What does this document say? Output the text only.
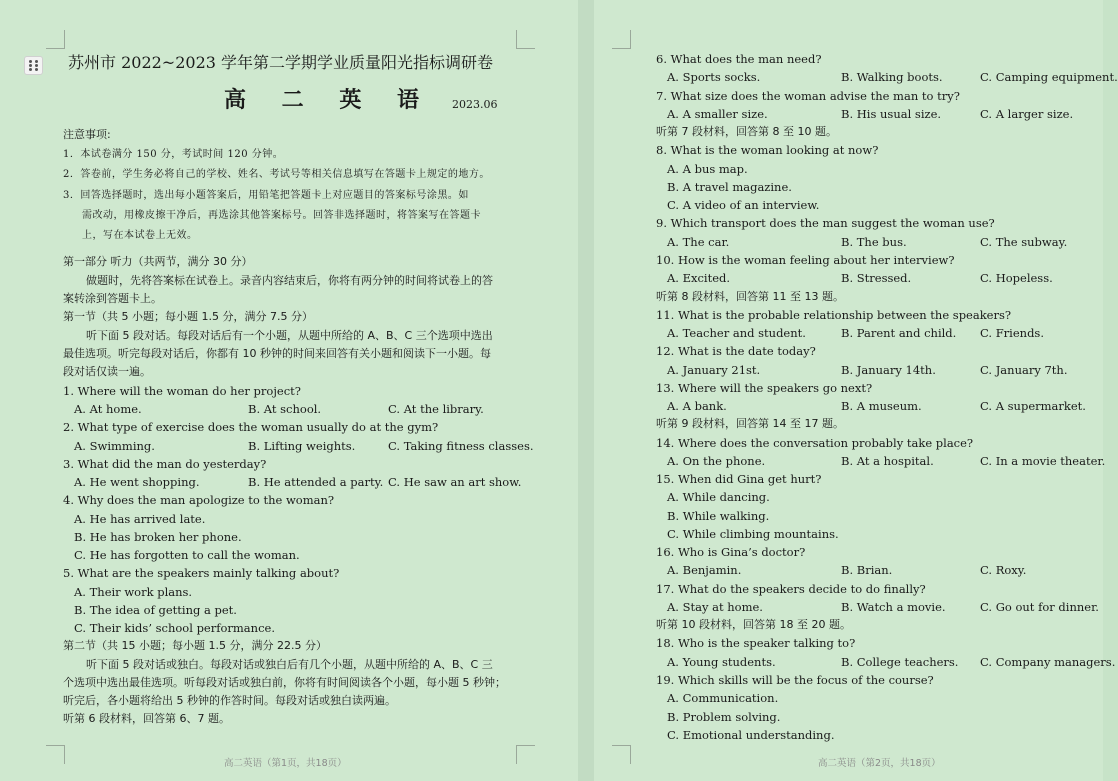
苏州市 2022~2023 学年第二学期学业质量阳光指标调研卷
高 二 英 语 2023.06
注意事项:
1．本试卷满分 150 分，考试时间 120 分钟。
2．答卷前，学生务必将自己的学校、姓名、考试号等相关信息填写在答题卡上规定的地方。
3．回答选择题时，选出每小题答案后，用铅笔把答题卡上对应题目的答案标号涂黑。如
需改动，用橡皮擦干净后，再选涂其他答案标号。回答非选择题时，将答案写在答题卡
上，写在本试卷上无效。
第一部分 听力（共两节，满分 30 分）
做题时，先将答案标在试卷上。录音内容结束后，你将有两分钟的时间将试卷上的答
案转涂到答题卡上。
第一节（共 5 小题；每小题 1.5 分，满分 7.5 分）
听下面 5 段对话。每段对话后有一个小题，从题中所给的 A、B、C 三个选项中选出
最佳选项。听完每段对话后，你都有 10 秒钟的时间来回答有关小题和阅读下一小题。每
段对话仅读一遍。
1. Where will the woman do her project?
A. At home.	B. At school.	C. At the library.
2. What type of exercise does the woman usually do at the gym?
A. Swimming.	B. Lifting weights.	C. Taking fitness classes.
3. What did the man do yesterday?
A. He went shopping.	B. He attended a party. C. He saw an art show.
4. Why does the man apologize to the woman?
A. He has arrived late.
B. He has broken her phone.
C. He has forgotten to call the woman.
5. What are the speakers mainly talking about?
A. Their work plans.
B. The idea of getting a pet.
C. Their kids’ school performance.
第二节（共 15 小题；每小题 1.5 分，满分 22.5 分）
听下面 5 段对话或独白。每段对话或独白后有几个小题，从题中所给的 A、B、C 三
个选项中选出最佳选项。听每段对话或独白前，你将有时间阅读各个小题，每小题 5 秒钟；
听完后，各小题将给出 5 秒钟的作答时间。每段对话或独白读两遍。
听第 6 段材料，回答第 6、7 题。
高二英语（第1页，共18页）
6. What does the man need?
A. Sports socks.	B. Walking boots.	C. Camping equipment.
7. What size does the woman advise the man to try?
A. A smaller size.	B. His usual size.	C. A larger size.
听第 7 段材料，回答第 8 至 10 题。
8. What is the woman looking at now?
A. A bus map.
B. A travel magazine.
C. A video of an interview.
9. Which transport does the man suggest the woman use?
A. The car.	B. The bus.	C. The subway.
10. How is the woman feeling about her interview?
A. Excited.	B. Stressed.	C. Hopeless.
听第 8 段材料，回答第 11 至 13 题。
11. What is the probable relationship between the speakers?
A. Teacher and student.	B. Parent and child. C. Friends.
12. What is the date today?
A. January 21st.	B. January 14th.	C. January 7th.
13. Where will the speakers go next?
A. A bank.	B. A museum.	C. A supermarket.
听第 9 段材料，回答第 14 至 17 题。
14. Where does the conversation probably take place?
A. On the phone.	B. At a hospital.	C. In a movie theater.
15. When did Gina get hurt?
A. While dancing.
B. While walking.
C. While climbing mountains.
16. Who is Gina’s doctor?
A. Benjamin.	B. Brian.	C. Roxy.
17. What do the speakers decide to do finally?
A. Stay at home.	B. Watch a movie.	C. Go out for dinner.
听第 10 段材料，回答第 18 至 20 题。
18. Who is the speaker talking to?
A. Young students.	B. College teachers. C. Company managers.
19. Which skills will be the focus of the course?
A. Communication.
B. Problem solving.
C. Emotional understanding.
高二英语（第2页，共18页）
